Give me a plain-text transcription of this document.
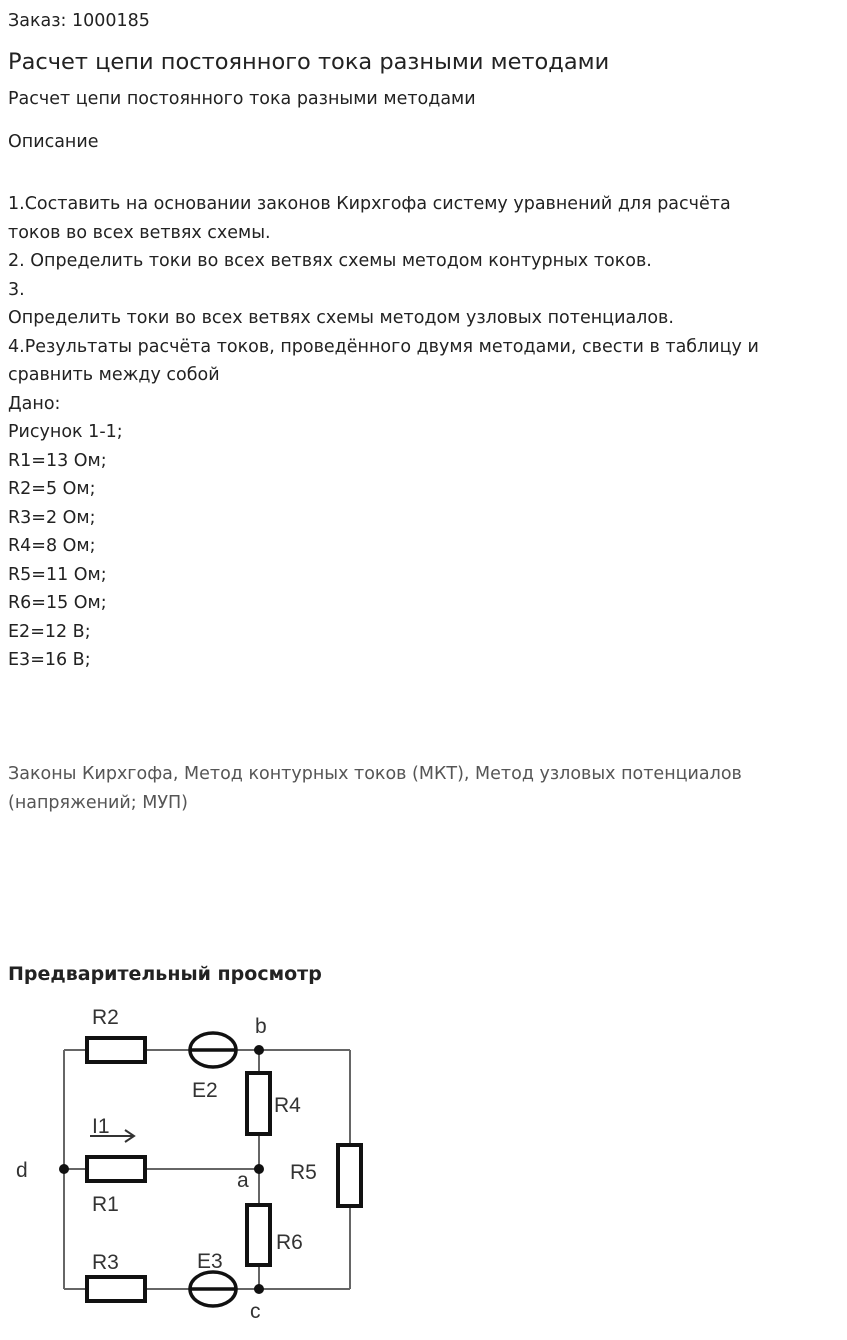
Заказ: 1000185
Расчет цепи постоянного тока разными методами
Расчет цепи постоянного тока разными методами
Описание
1.Составить на основании законов Кирхгофа систему уравнений для расчёта
токов во всех ветвях схемы.
2. Определить токи во всех ветвях схемы методом контурных токов.
3.
Определить токи во всех ветвях схемы методом узловых потенциалов.
4.Результаты расчёта токов, проведённого двумя методами, свести в таблицу и
сравнить между собой
Дано:
Рисунок 1-1;
R1=13 Ом;
R2=5 Ом;
R3=2 Ом;
R4=8 Ом;
R5=11 Ом;
R6=15 Ом;
E2=12 В;
E3=16 В;
Законы Кирхгофа, Метод контурных токов (МКТ), Метод узловых потенциалов
(напряжений; МУП)
Предварительный просмотр
R2	b
E2
R4
I1
d	R5
a
R1
R6
E3
R3
c
